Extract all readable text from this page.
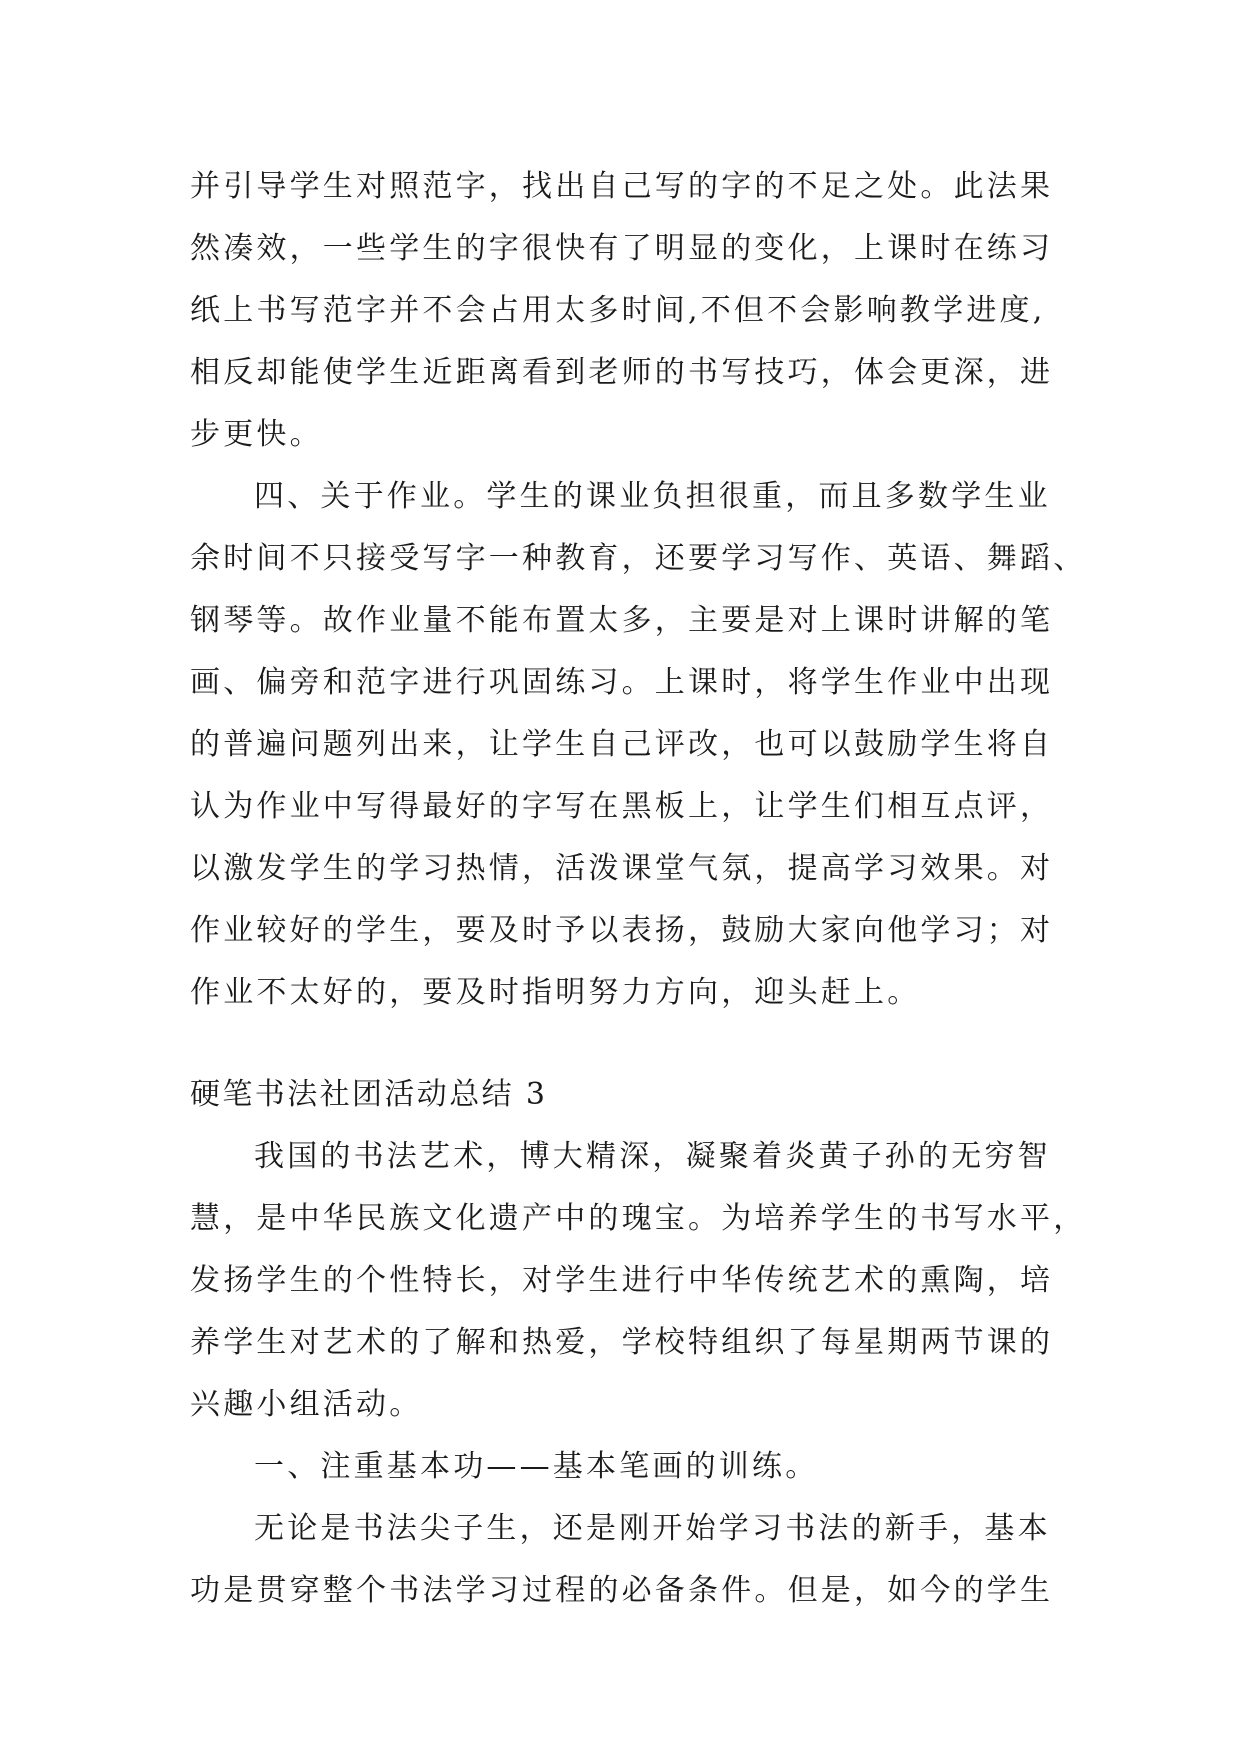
并引导学生对照范字，找出自己写的字的不足之处。此法果
然凑效，一些学生的字很快有了明显的变化，上课时在练习
纸上书写范字并不会占用太多时间,不但不会影响教学进度,
相反却能使学生近距离看到老师的书写技巧，体会更深，进
步更快。
四、关于作业。学生的课业负担很重，而且多数学生业
余时间不只接受写字一种教育，还要学习写作、英语、舞蹈、
钢琴等。故作业量不能布置太多，主要是对上课时讲解的笔
画、偏旁和范字进行巩固练习。上课时，将学生作业中出现
的普遍问题列出来，让学生自己评改，也可以鼓励学生将自
认为作业中写得最好的字写在黑板上，让学生们相互点评，
以激发学生的学习热情，活泼课堂气氛，提高学习效果。对
作业较好的学生，要及时予以表扬，鼓励大家向他学习；对
作业不太好的，要及时指明努力方向，迎头赶上。
硬笔书法社团活动总结 3
我国的书法艺术，博大精深，凝聚着炎黄子孙的无穷智
慧，是中华民族文化遗产中的瑰宝。为培养学生的书写水平，
发扬学生的个性特长，对学生进行中华传统艺术的熏陶，培
养学生对艺术的了解和热爱，学校特组织了每星期两节课的
兴趣小组活动。
一、注重基本功——基本笔画的训练。
无论是书法尖子生，还是刚开始学习书法的新手，基本
功是贯穿整个书法学习过程的必备条件。但是，如今的学生
